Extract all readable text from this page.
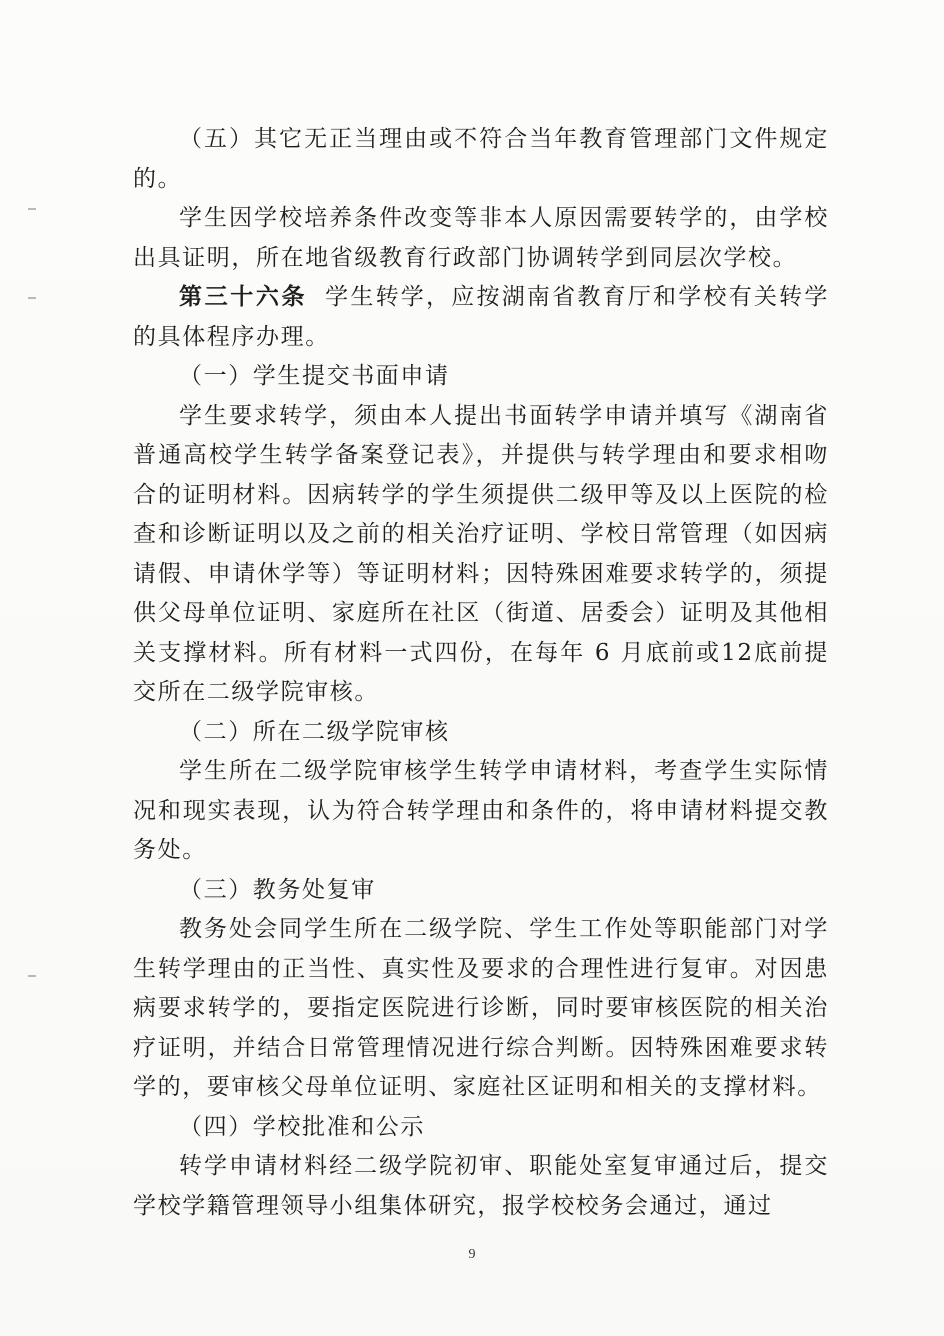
（五）其它无正当理由或不符合当年教育管理部门文件规定的。

学生因学校培养条件改变等非本人原因需要转学的，由学校出具证明，所在地省级教育行政部门协调转学到同层次学校。

第三十六条 学生转学，应按湖南省教育厅和学校有关转学的具体程序办理。

（一）学生提交书面申请

学生要求转学，须由本人提出书面转学申请并填写《湖南省普通高校学生转学备案登记表》，并提供与转学理由和要求相吻合的证明材料。因病转学的学生须提供二级甲等及以上医院的检查和诊断证明以及之前的相关治疗证明、学校日常管理（如因病请假、申请休学等）等证明材料；因特殊困难要求转学的，须提供父母单位证明、家庭所在社区（街道、居委会）证明及其他相关支撑材料。所有材料一式四份，在每年 6 月底前或12底前提交所在二级学院审核。

（二）所在二级学院审核

学生所在二级学院审核学生转学申请材料，考查学生实际情况和现实表现，认为符合转学理由和条件的，将申请材料提交教务处。

（三）教务处复审

教务处会同学生所在二级学院、学生工作处等职能部门对学生转学理由的正当性、真实性及要求的合理性进行复审。对因患病要求转学的，要指定医院进行诊断，同时要审核医院的相关治疗证明，并结合日常管理情况进行综合判断。因特殊困难要求转学的，要审核父母单位证明、家庭社区证明和相关的支撑材料。

（四）学校批准和公示

转学申请材料经二级学院初审、职能处室复审通过后，提交学校学籍管理领导小组集体研究，报学校校务会通过，通过

9
